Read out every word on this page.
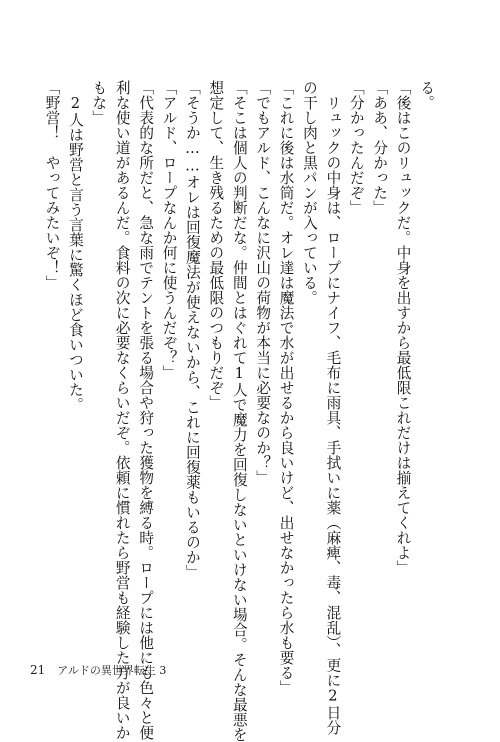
る。
「後はこのリュックだ。中身を出すから最低限これだけは揃えてくれよ」
「ああ、分かった」
「分かったんだぞ」
　リュックの中身は、ロープにナイフ、毛布に雨具、手拭いに薬（麻痺、毒、混乱）、更に2日分
の干し肉と黒パンが入っている。
「これに後は水筒だ。オレ達は魔法で水が出せるから良いけど、出せなかったら水も要る」
「でもアルド、こんなに沢山の荷物が本当に必要なのか？」
「そこは個人の判断だな。仲間とはぐれて1人で魔力を回復しないといけない場合。そんな最悪を
想定して、生き残るための最低限のつもりだぞ」
「そうか……オレは回復魔法が使えないから、これに回復薬もいるのか」
「アルド、ロープなんか何に使うんだぞ？」
「代表的な所だと、急な雨でテントを張る場合や狩った獲物を縛る時。ロープには他にも色々と便
利な使い道があるんだ。食料の次に必要なくらいだぞ。依頼に慣れたら野営も経験した方が良いか
もな」
　2人は野営と言う言葉に驚くほど食いついた。
「野営！　やってみたいぞ！」
21 アルドの異世界転生 3
